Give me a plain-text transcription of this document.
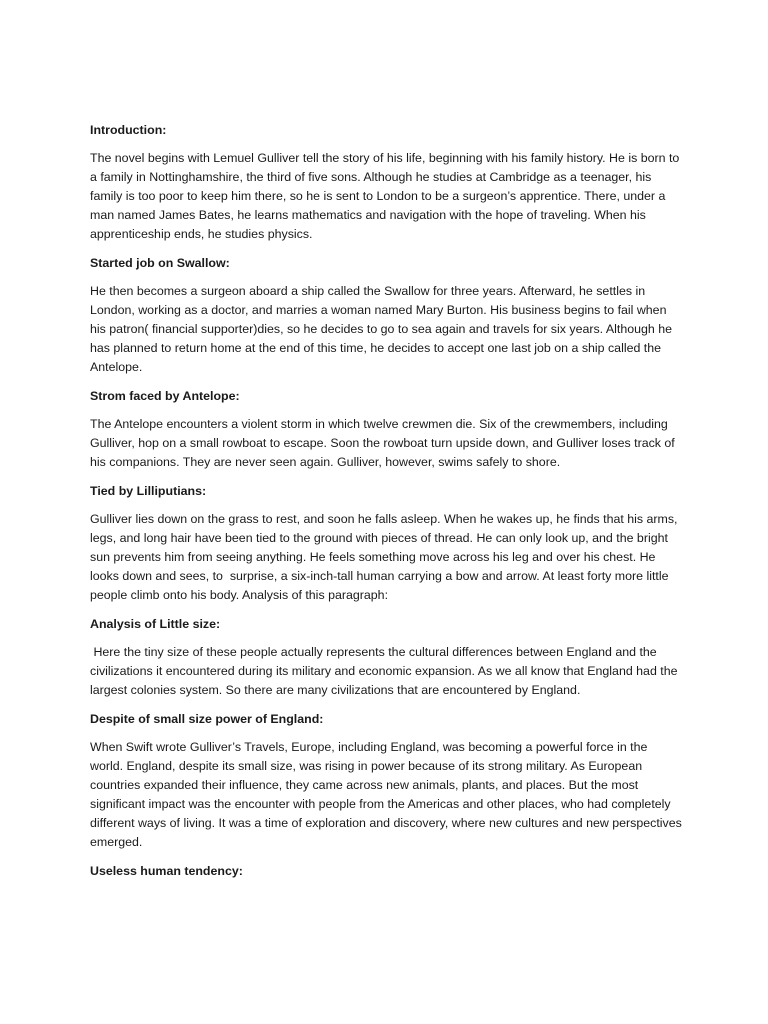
Introduction:
The novel begins with Lemuel Gulliver tell the story of his life, beginning with his family history. He is born to a family in Nottinghamshire, the third of five sons. Although he studies at Cambridge as a teenager, his family is too poor to keep him there, so he is sent to London to be a surgeon’s apprentice. There, under a man named James Bates, he learns mathematics and navigation with the hope of traveling. When his apprenticeship ends, he studies physics.
Started job on Swallow:
He then becomes a surgeon aboard a ship called the Swallow for three years. Afterward, he settles in London, working as a doctor, and marries a woman named Mary Burton. His business begins to fail when his patron( financial supporter)dies, so he decides to go to sea again and travels for six years. Although he has planned to return home at the end of this time, he decides to accept one last job on a ship called the Antelope.
Strom faced by Antelope:
The Antelope encounters a violent storm in which twelve crewmen die. Six of the crewmembers, including Gulliver, hop on a small rowboat to escape. Soon the rowboat turn upside down, and Gulliver loses track of his companions. They are never seen again. Gulliver, however, swims safely to shore.
Tied by Lilliputians:
Gulliver lies down on the grass to rest, and soon he falls asleep. When he wakes up, he finds that his arms, legs, and long hair have been tied to the ground with pieces of thread. He can only look up, and the bright sun prevents him from seeing anything. He feels something move across his leg and over his chest. He looks down and sees, to  surprise, a six-inch-tall human carrying a bow and arrow. At least forty more little people climb onto his body. Analysis of this paragraph:
Analysis of Little size:
Here the tiny size of these people actually represents the cultural differences between England and the civilizations it encountered during its military and economic expansion. As we all know that England had the largest colonies system. So there are many civilizations that are encountered by England.
Despite of small size power of England:
When Swift wrote Gulliver’s Travels, Europe, including England, was becoming a powerful force in the world. England, despite its small size, was rising in power because of its strong military. As European countries expanded their influence, they came across new animals, plants, and places. But the most significant impact was the encounter with people from the Americas and other places, who had completely different ways of living. It was a time of exploration and discovery, where new cultures and new perspectives emerged.
Useless human tendency:
